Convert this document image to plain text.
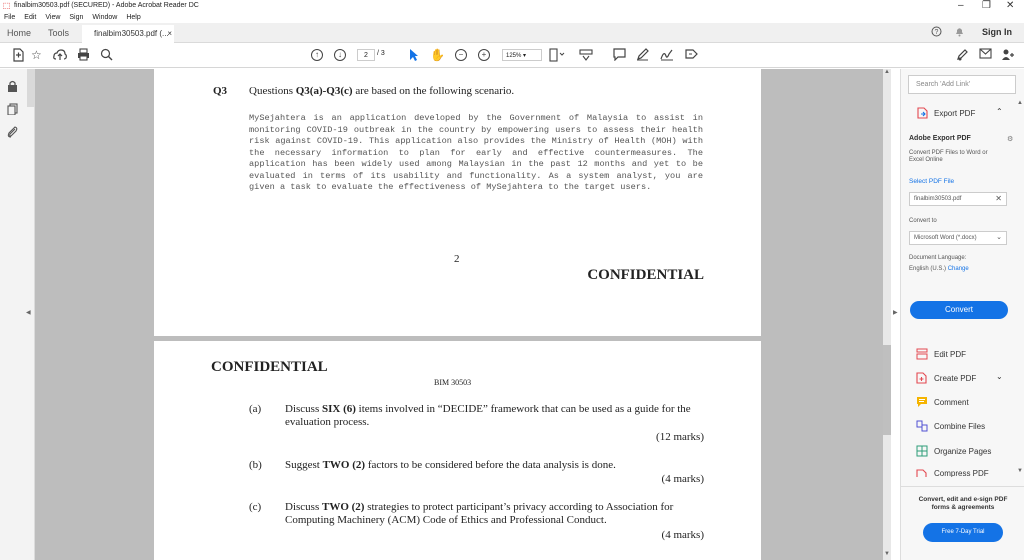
⬚ finalbim30503.pdf (SECURED) - Adobe Acrobat Reader DC	– ❐ ✕
File Edit View Sign Window Help
Home Tools	finalbim30503.pdf (...
×	?	Sign In
☆	↑	↓	2	/ 3	✋	−	+	125% ▾
◀
Q3 Questions Q3(a)-Q3(c) are based on the following scenario.
MySejahtera is an application developed by the Government of Malaysia to assist in monitoring COVID-19 outbreak in the country by empowering users to assess their health risk against COVID-19. This application also provides the Ministry of Health (MOH) with the necessary information to plan for early and effective countermeasures. The application has been widely used among Malaysian in the past 12 months and yet to be evaluated in terms of its usability and functionality. As a system analyst, you are given a task to evaluate the effectiveness of MySejahtera to the target users.
2
CONFIDENTIAL
CONFIDENTIAL
BIM 30503
(a) Discuss SIX (6) items involved in “DECIDE” framework that can be used as a guide for the evaluation process.
(12 marks)
(b) Suggest TWO (2) factors to be considered before the data analysis is done.
(4 marks)
(c) Discuss TWO (2) strategies to protect participant’s privacy according to Association for Computing Machinery (ACM) Code of Ethics and Professional Conduct.
(4 marks)
▲
▼
▶
Search 'Add Link'
Export PDF	⌃
Adobe Export PDF	⚙
Convert PDF Files to Word or Excel Online
Select PDF File
finalbim30503.pdf	✕
Convert to
Microsoft Word (*.docx)	⌄
Document Language:
English (U.S.) Change
Convert
Edit PDF
Create PDF ⌄
Comment
Combine Files
Organize Pages
Compress PDF
Convert, edit and e-sign PDF forms & agreements
Free 7-Day Trial
▲
▼
